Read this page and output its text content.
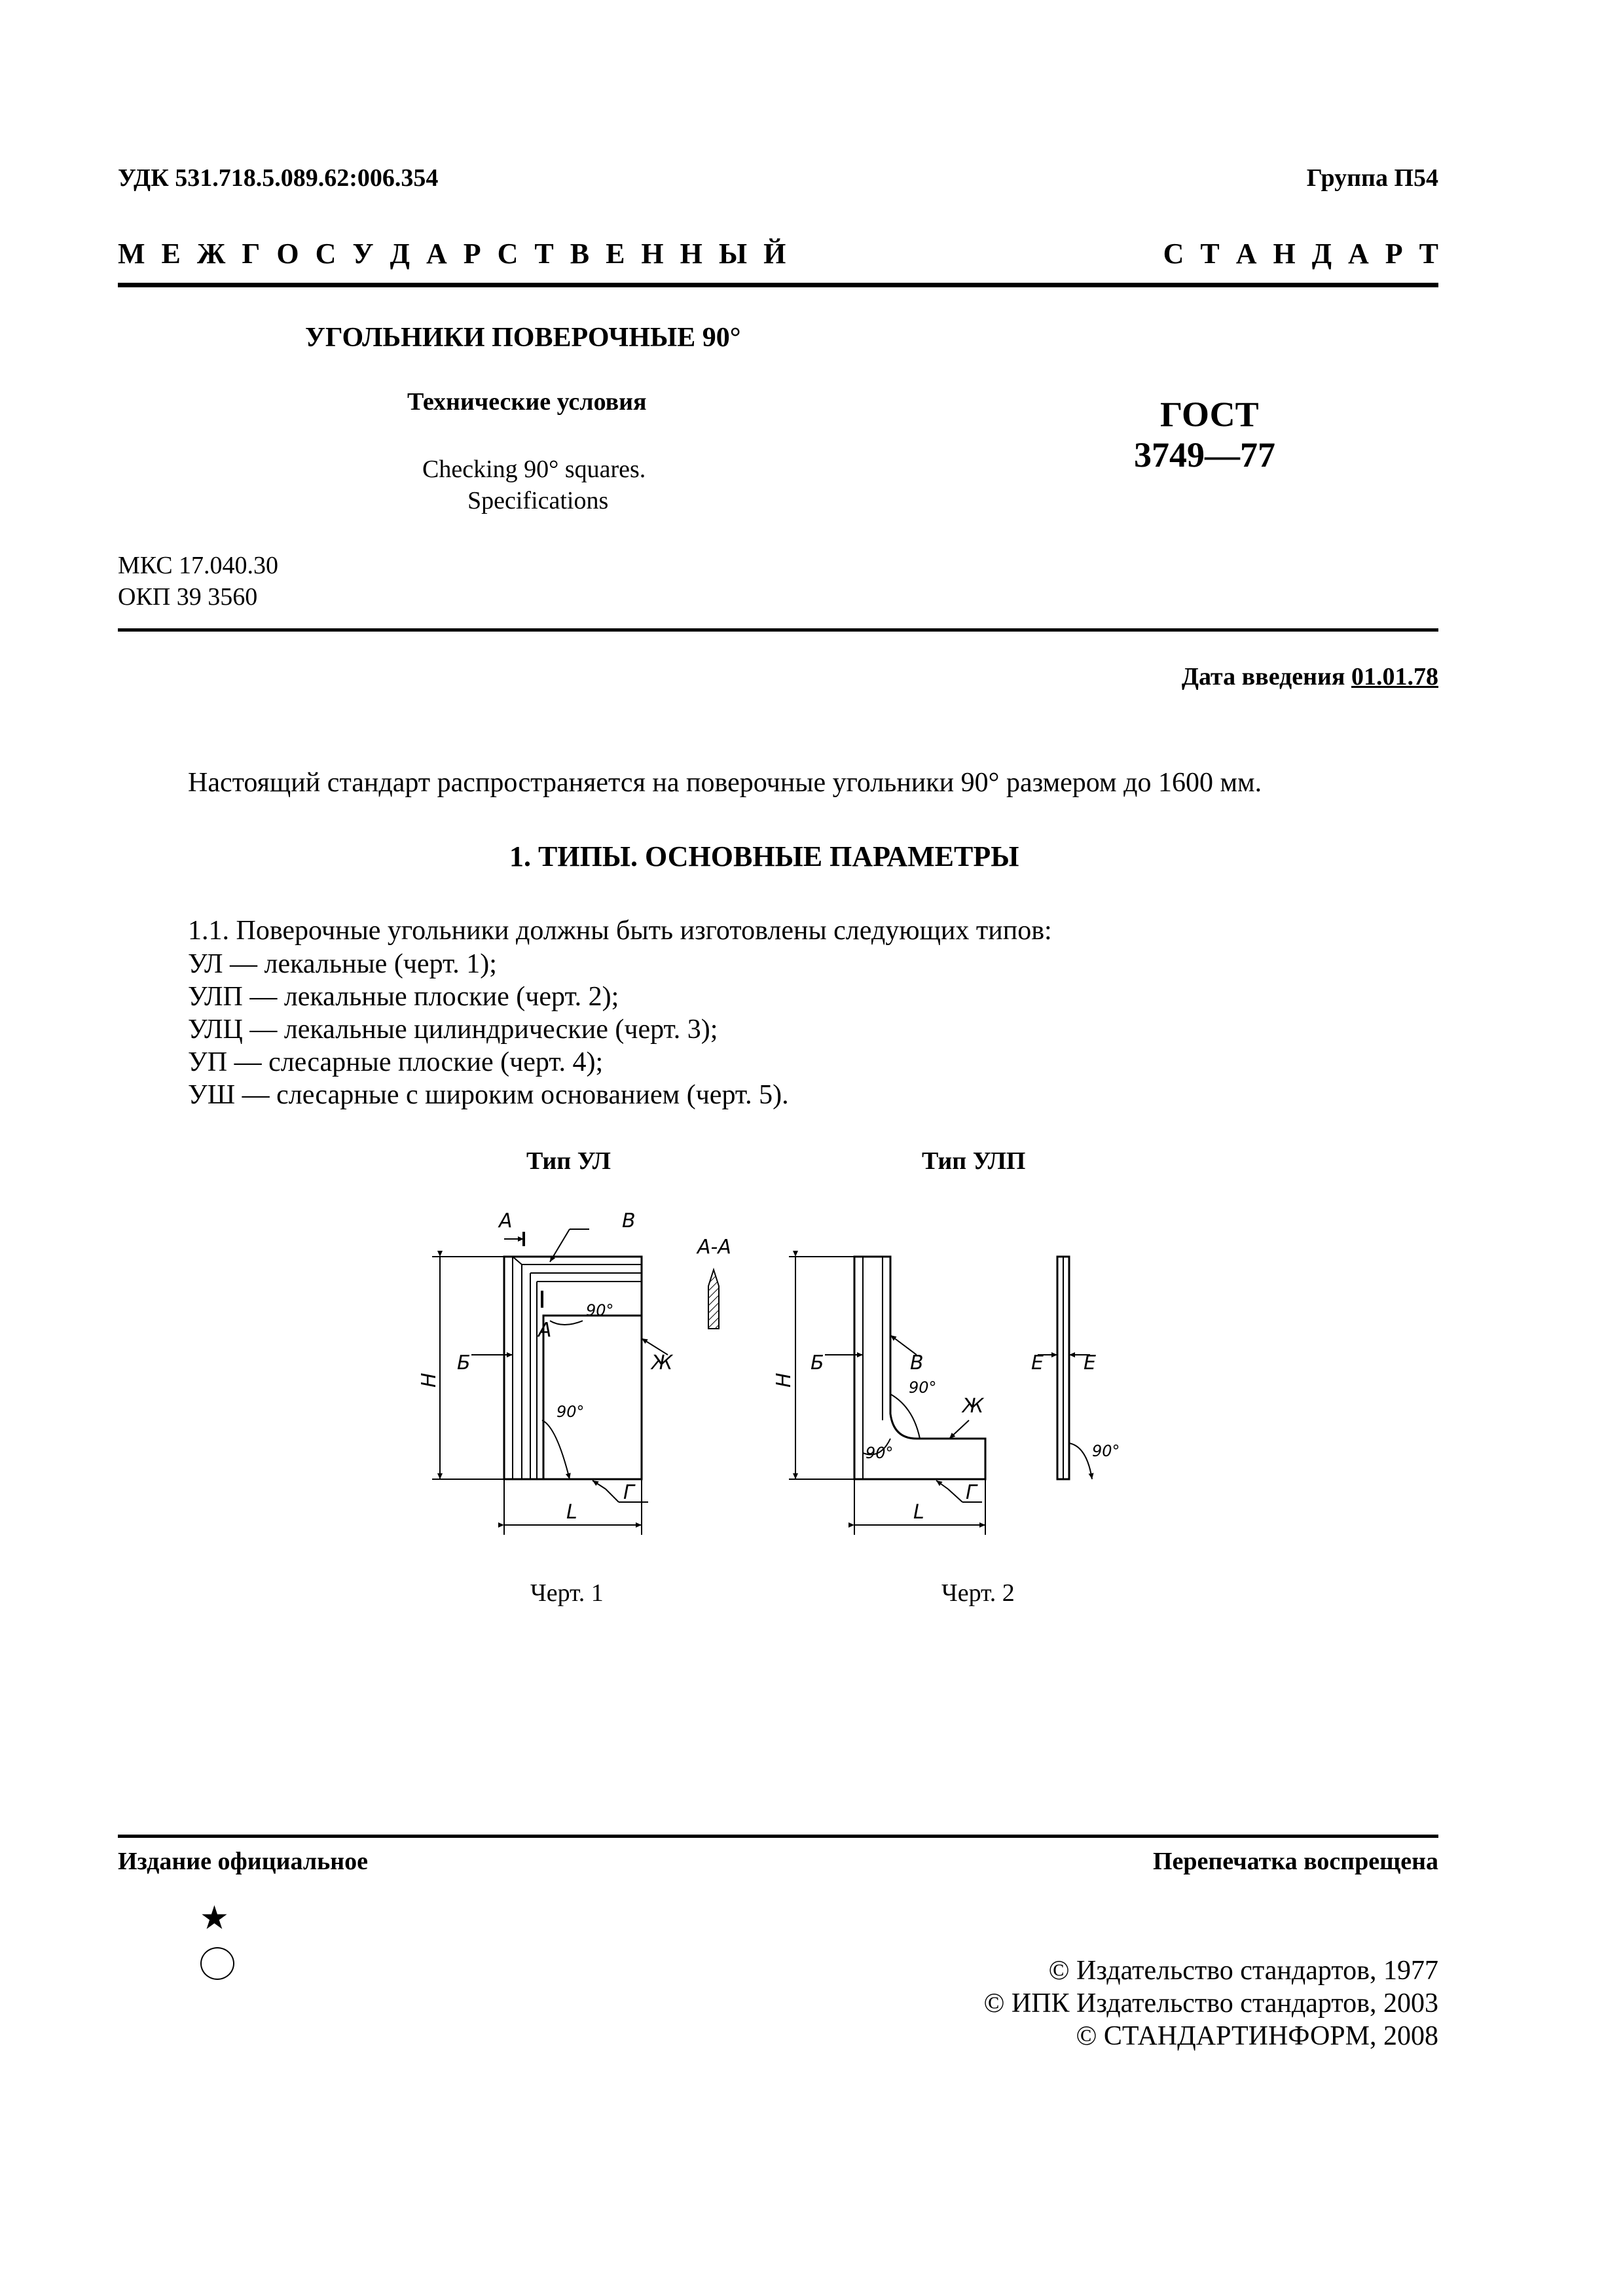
УДК 531.718.5.089.62:006.354	Группа П54
М Е Ж Г О С У Д А Р С Т В Е Н Н Ы Й	С Т А Н Д А Р Т
УГОЛЬНИКИ ПОВЕРОЧНЫЕ 90°
Технические условия
Checking 90° squares.
Specifications
ГОСТ
3749—77
МКС 17.040.30
ОКП 39 3560
Дата введения 01.01.78
Настоящий стандарт распространяется на поверочные угольники 90° размером до 1600 мм.
1. ТИПЫ. ОСНОВНЫЕ ПАРАМЕТРЫ
1.1. Поверочные угольники должны быть изготовлены следующих типов:
УЛ — лекальные (черт. 1);
УЛП — лекальные плоские (черт. 2);
УЛЦ — лекальные цилиндрические (черт. 3);
УП — слесарные плоские (черт. 4);
УШ — слесарные с широким основанием (черт. 5).
Тип УЛ	Тип УЛП
А	В
А-А
90°
А
Б	Ж
H
90°
Г
L
Б	В
90°
Ж
H
90°
Г
L
Е Е
90°
Черт. 1	Черт. 2
Издание официальное	Перепечатка воспрещена
★
© Издательство стандартов, 1977
© ИПК Издательство стандартов, 2003
© СТАНДАРТИНФОРМ, 2008
